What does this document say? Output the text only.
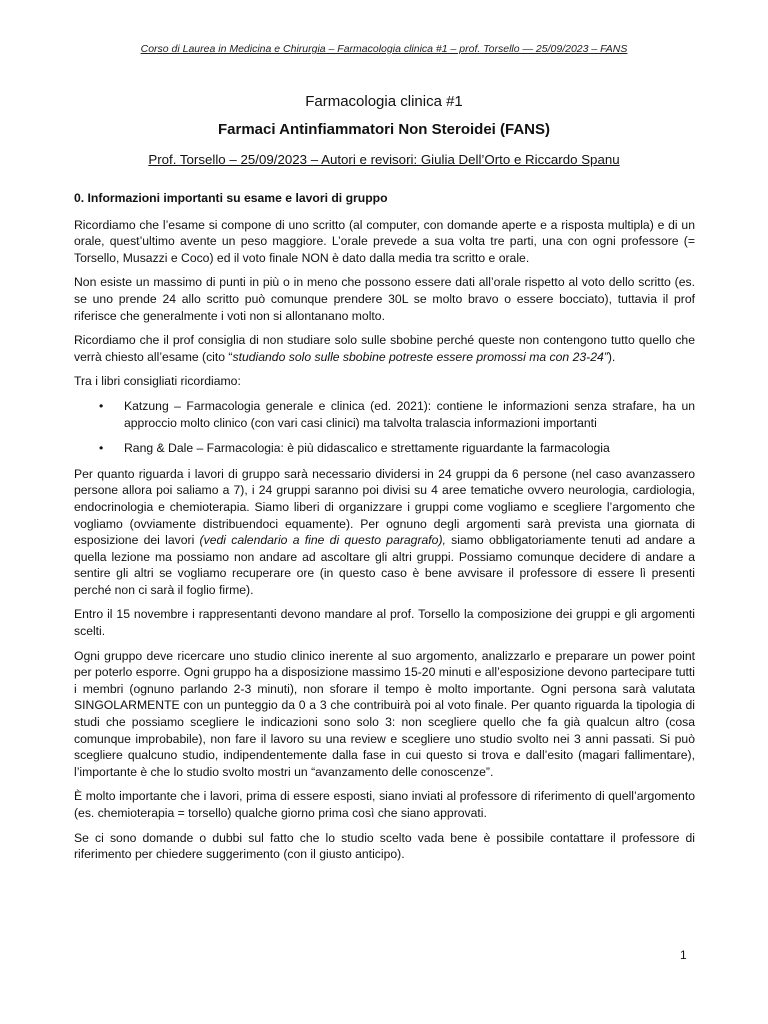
Corso di Laurea in Medicina e Chirurgia – Farmacologia clinica #1 – prof. Torsello — 25/09/2023 – FANS
Farmacologia clinica #1
Farmaci Antinfiammatori Non Steroidei (FANS)
Prof. Torsello – 25/09/2023 – Autori e revisori: Giulia Dell’Orto e Riccardo Spanu
0. Informazioni importanti su esame e lavori di gruppo

Ricordiamo che l’esame si compone di uno scritto (al computer, con domande aperte e a risposta multipla) e di un orale, quest’ultimo avente un peso maggiore. L’orale prevede a sua volta tre parti, una con ogni professore (= Torsello, Musazzi e Coco) ed il voto finale NON è dato dalla media tra scritto e orale.

Non esiste un massimo di punti in più o in meno che possono essere dati all’orale rispetto al voto dello scritto (es. se uno prende 24 allo scritto può comunque prendere 30L se molto bravo o essere bocciato), tuttavia il prof riferisce che generalmente i voti non si allontanano molto.

Ricordiamo che il prof consiglia di non studiare solo sulle sbobine perché queste non contengono tutto quello che verrà chiesto all’esame (cito “studiando solo sulle sbobine potreste essere promossi ma con 23-24”).

Tra i libri consigliati ricordiamo:

• Katzung – Farmacologia generale e clinica (ed. 2021): contiene le informazioni senza strafare, ha un approccio molto clinico (con vari casi clinici) ma talvolta tralascia informazioni importanti
• Rang & Dale – Farmacologia: è più didascalico e strettamente riguardante la farmacologia

Per quanto riguarda i lavori di gruppo sarà necessario dividersi in 24 gruppi da 6 persone (nel caso avanzassero persone allora poi saliamo a 7), i 24 gruppi saranno poi divisi su 4 aree tematiche ovvero neurologia, cardiologia, endocrinologia e chemioterapia. Siamo liberi di organizzare i gruppi come vogliamo e scegliere l’argomento che vogliamo (ovviamente distribuendoci equamente). Per ognuno degli argomenti sarà prevista una giornata di esposizione dei lavori (vedi calendario a fine di questo paragrafo), siamo obbligatoriamente tenuti ad andare a quella lezione ma possiamo non andare ad ascoltare gli altri gruppi. Possiamo comunque decidere di andare a sentire gli altri se vogliamo recuperare ore (in questo caso è bene avvisare il professore di essere lì presenti perché non ci sarà il foglio firme).

Entro il 15 novembre i rappresentanti devono mandare al prof. Torsello la composizione dei gruppi e gli argomenti scelti.

Ogni gruppo deve ricercare uno studio clinico inerente al suo argomento, analizzarlo e preparare un power point per poterlo esporre. Ogni gruppo ha a disposizione massimo 15-20 minuti e all’esposizione devono partecipare tutti i membri (ognuno parlando 2-3 minuti), non sforare il tempo è molto importante. Ogni persona sarà valutata SINGOLARMENTE con un punteggio da 0 a 3 che contribuirà poi al voto finale. Per quanto riguarda la tipologia di studi che possiamo scegliere le indicazioni sono solo 3: non scegliere quello che fa già qualcun altro (cosa comunque improbabile), non fare il lavoro su una review e scegliere uno studio svolto nei 3 anni passati. Si può scegliere qualcuno studio, indipendentemente dalla fase in cui questo si trova e dall’esito (magari fallimentare), l’importante è che lo studio svolto mostri un “avanzamento delle conoscenze”.

È molto importante che i lavori, prima di essere esposti, siano inviati al professore di riferimento di quell’argomento (es. chemioterapia = torsello) qualche giorno prima così che siano approvati.

Se ci sono domande o dubbi sul fatto che lo studio scelto vada bene è possibile contattare il professore di riferimento per chiedere suggerimento (con il giusto anticipo).

1
